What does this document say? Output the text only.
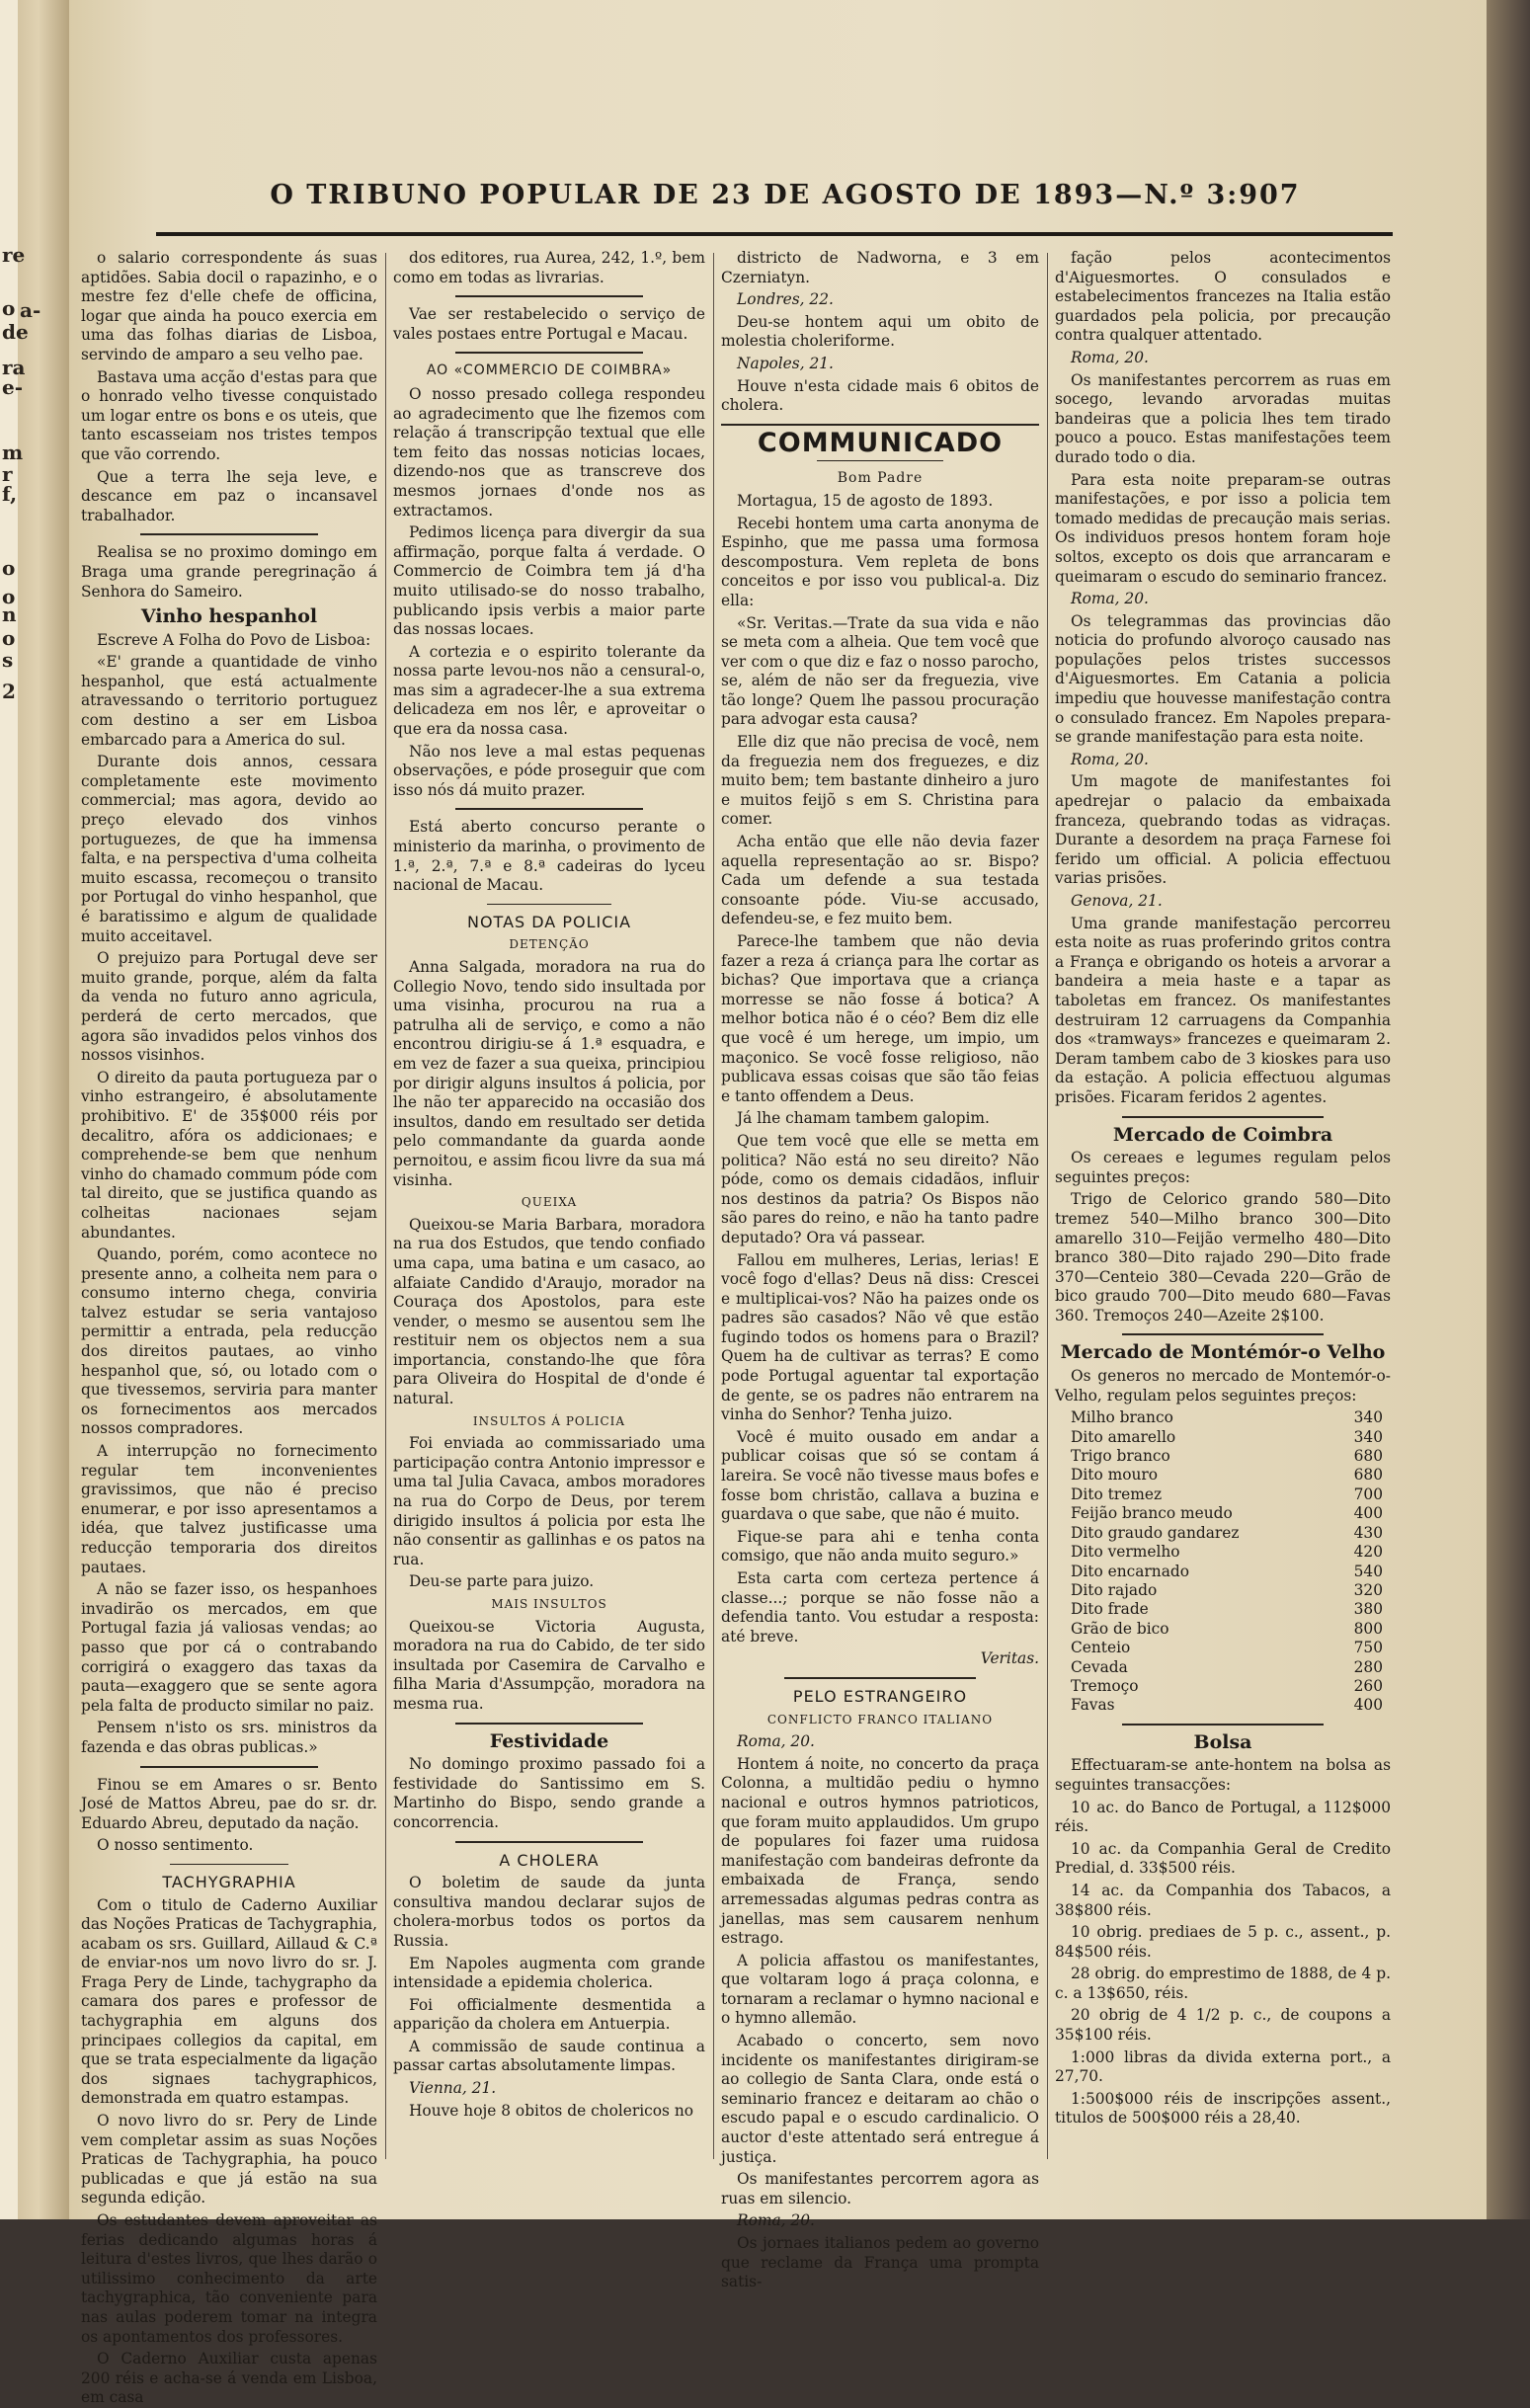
re
o a-
de
ra
e-
m
r
f,
o
o
n
o
s
2
O TRIBUNO POPULAR DE 23 DE AGOSTO DE 1893—N.º 3:907

o salario correspondente ás suas aptidões. Sabia docil o rapazinho, e o mestre fez d'elle chefe de officina, logar que ainda ha pouco exercia em uma das folhas diarias de Lisboa, servindo de amparo a seu velho pae.

Bastava uma acção d'estas para que o honrado velho tivesse conquistado um logar entre os bons e os uteis, que tanto escasseiam nos tristes tempos que vão correndo.

Que a terra lhe seja leve, e descance em paz o incansavel trabalhador.

Realisa se no proximo domingo em Braga uma grande peregrinação á Senhora do Sameiro.

Vinho hespanhol

Escreve A Folha do Povo de Lisboa:

«E' grande a quantidade de vinho hespanhol, que está actualmente atravessando o territorio portuguez com destino a ser em Lisboa embarcado para a America do sul.

Durante dois annos, cessara completamente este movimento commercial; mas agora, devido ao preço elevado dos vinhos portuguezes, de que ha immensa falta, e na perspectiva d'uma colheita muito escassa, recomeçou o transito por Portugal do vinho hespanhol, que é baratissimo e algum de qualidade muito acceitavel.

O prejuizo para Portugal deve ser muito grande, porque, além da falta da venda no futuro anno agricula, perderá de certo mercados, que agora são invadidos pelos vinhos dos nossos visinhos.

O direito da pauta portugueza par o vinho estrangeiro, é absolutamente prohibitivo. E' de 35$000 réis por decalitro, afóra os addicionaes; e comprehende-se bem que nenhum vinho do chamado commum póde com tal direito, que se justifica quando as colheitas nacionaes sejam abundantes.

Quando, porém, como acontece no presente anno, a colheita nem para o consumo interno chega, conviria talvez estudar se seria vantajoso permittir a entrada, pela reducção dos direitos pautaes, ao vinho hespanhol que, só, ou lotado com o que tivessemos, serviria para manter os fornecimentos aos mercados nossos compradores.

A interrupção no fornecimento regular tem inconvenientes gravissimos, que não é preciso enumerar, e por isso apresentamos a idéa, que talvez justificasse uma reducção temporaria dos direitos pautaes.

A não se fazer isso, os hespanhoes invadirão os mercados, em que Portugal fazia já valiosas vendas; ao passo que por cá o contrabando corrigirá o exaggero das taxas da pauta—exaggero que se sente agora pela falta de producto similar no paiz.

Pensem n'isto os srs. ministros da fazenda e das obras publicas.»

Finou se em Amares o sr. Bento José de Mattos Abreu, pae do sr. dr. Eduardo Abreu, deputado da nação.

O nosso sentimento.

TACHYGRAPHIA

Com o titulo de Caderno Auxiliar das Noções Praticas de Tachygraphia, acabam os srs. Guillard, Aillaud & C.ª de enviar-nos um novo livro do sr. J. Fraga Pery de Linde, tachygrapho da camara dos pares e professor de tachygraphia em alguns dos principaes collegios da capital, em que se trata especialmente da ligação dos signaes tachygraphicos, demonstrada em quatro estampas.

O novo livro do sr. Pery de Linde vem completar assim as suas Noções Praticas de Tachygraphia, ha pouco publicadas e que já estão na sua segunda edição.

Os estudantes devem aproveitar as ferias dedicando algumas horas á leitura d'estes livros, que lhes darão o utilissimo conhecimento da arte tachygraphica, tão conveniente para nas aulas poderem tomar na integra os apontamentos dos professores.

O Caderno Auxiliar custa apenas 200 réis e acha-se á venda em Lisboa, em casa

dos editores, rua Aurea, 242, 1.º, bem como em todas as livrarias.

Vae ser restabelecido o serviço de vales postaes entre Portugal e Macau.

AO «COMMERCIO DE COIMBRA»

O nosso presado collega respondeu ao agradecimento que lhe fizemos com relação á transcripção textual que elle tem feito das nossas noticias locaes, dizendo-nos que as transcreve dos mesmos jornaes d'onde nos as extractamos.

Pedimos licença para divergir da sua affirmação, porque falta á verdade. O Commercio de Coimbra tem já d'ha muito utilisado-se do nosso trabalho, publicando ipsis verbis a maior parte das nossas locaes.

A cortezia e o espirito tolerante da nossa parte levou-nos não a censural-o, mas sim a agradecer-lhe a sua extrema delicadeza em nos lêr, e aproveitar o que era da nossa casa.

Não nos leve a mal estas pequenas observações, e póde proseguir que com isso nós dá muito prazer.

Está aberto concurso perante o ministerio da marinha, o provimento de 1.ª, 2.ª, 7.ª e 8.ª cadeiras do lyceu nacional de Macau.

NOTAS DA POLICIA
DETENÇÃO

Anna Salgada, moradora na rua do Collegio Novo, tendo sido insultada por uma visinha, procurou na rua a patrulha ali de serviço, e como a não encontrou dirigiu-se á 1.ª esquadra, e em vez de fazer a sua queixa, principiou por dirigir alguns insultos á policia, por lhe não ter apparecido na occasião dos insultos, dando em resultado ser detida pelo commandante da guarda aonde pernoitou, e assim ficou livre da sua má visinha.

QUEIXA

Queixou-se Maria Barbara, moradora na rua dos Estudos, que tendo confiado uma capa, uma batina e um casaco, ao alfaiate Candido d'Araujo, morador na Couraça dos Apostolos, para este vender, o mesmo se ausentou sem lhe restituir nem os objectos nem a sua importancia, constando-lhe que fôra para Oliveira do Hospital de d'onde é natural.

INSULTOS Á POLICIA

Foi enviada ao commissariado uma participação contra Antonio impressor e uma tal Julia Cavaca, ambos moradores na rua do Corpo de Deus, por terem dirigido insultos á policia por esta lhe não consentir as gallinhas e os patos na rua.

Deu-se parte para juizo.

MAIS INSULTOS

Queixou-se Victoria Augusta, moradora na rua do Cabido, de ter sido insultada por Casemira de Carvalho e filha Maria d'Assumpção, moradora na mesma rua.

Festividade

No domingo proximo passado foi a festividade do Santissimo em S. Martinho do Bispo, sendo grande a concorrencia.

A CHOLERA

O boletim de saude da junta consultiva mandou declarar sujos de cholera-morbus todos os portos da Russia.

Em Napoles augmenta com grande intensidade a epidemia cholerica.

Foi officialmente desmentida a apparição da cholera em Antuerpia.

A commissão de saude continua a passar cartas absolutamente limpas.

Vienna, 21.

Houve hoje 8 obitos de cholericos no

districto de Nadworna, e 3 em Czerniatyn.

Londres, 22.

Deu-se hontem aqui um obito de molestia choleriforme.

Napoles, 21.

Houve n'esta cidade mais 6 obitos de cholera.

COMMUNICADO
Bom Padre

Mortagua, 15 de agosto de 1893.

Recebi hontem uma carta anonyma de Espinho, que me passa uma formosa descompostura. Vem repleta de bons conceitos e por isso vou publical-a. Diz ella:

«Sr. Veritas.—Trate da sua vida e não se meta com a alheia. Que tem você que ver com o que diz e faz o nosso parocho, se, além de não ser da freguezia, vive tão longe? Quem lhe passou procuração para advogar esta causa?

Elle diz que não precisa de você, nem da freguezia nem dos freguezes, e diz muito bem; tem bastante dinheiro a juro e muitos feijõ s em S. Christina para comer.

Acha então que elle não devia fazer aquella representação ao sr. Bispo? Cada um defende a sua testada consoante póde. Viu-se accusado, defendeu-se, e fez muito bem.

Parece-lhe tambem que não devia fazer a reza á criança para lhe cortar as bichas? Que importava que a criança morresse se não fosse á botica? A melhor botica não é o céo? Bem diz elle que você é um herege, um impio, um maçonico. Se você fosse religioso, não publicava essas coisas que são tão feias e tanto offendem a Deus.

Já lhe chamam tambem galopim.

Que tem você que elle se metta em politica? Não está no seu direito? Não póde, como os demais cidadãos, influir nos destinos da patria? Os Bispos não são pares do reino, e não ha tanto padre deputado? Ora vá passear.

Fallou em mulheres, Lerias, lerias! E você fogo d'ellas? Deus nã diss: Crescei e multiplicai-vos? Não ha paizes onde os padres são casados? Não vê que estão fugindo todos os homens para o Brazil? Quem ha de cultivar as terras? E como pode Portugal aguentar tal exportação de gente, se os padres não entrarem na vinha do Senhor? Tenha juizo.

Você é muito ousado em andar a publicar coisas que só se contam á lareira. Se você não tivesse maus bofes e fosse bom christão, callava a buzina e guardava o que sabe, que não é muito.

Fique-se para ahi e tenha conta comsigo, que não anda muito seguro.»

Esta carta com certeza pertence á classe...; porque se não fosse não a defendia tanto. Vou estudar a resposta: até breve.

Veritas.

PELO ESTRANGEIRO
CONFLICTO FRANCO ITALIANO

Roma, 20.

Hontem á noite, no concerto da praça Colonna, a multidão pediu o hymno nacional e outros hymnos patrioticos, que foram muito applaudidos. Um grupo de populares foi fazer uma ruidosa manifestação com bandeiras defronte da embaixada de França, sendo arremessadas algumas pedras contra as janellas, mas sem causarem nenhum estrago.

A policia affastou os manifestantes, que voltaram logo á praça colonna, e tornaram a reclamar o hymno nacional e o hymno allemão.

Acabado o concerto, sem novo incidente os manifestantes dirigiram-se ao collegio de Santa Clara, onde está o seminario francez e deitaram ao chão o escudo papal e o escudo cardinalicio. O auctor d'este attentado será entregue á justiça.

Os manifestantes percorrem agora as ruas em silencio.

Roma, 20.

Os jornaes italianos pedem ao governo que reclame da França uma prompta satis-

fação pelos acontecimentos d'Aiguesmortes. O consulados e estabelecimentos francezes na Italia estão guardados pela policia, por precaução contra qualquer attentado.

Roma, 20.

Os manifestantes percorrem as ruas em socego, levando arvoradas muitas bandeiras que a policia lhes tem tirado pouco a pouco. Estas manifestações teem durado todo o dia.

Para esta noite preparam-se outras manifestações, e por isso a policia tem tomado medidas de precaução mais serias. Os individuos presos hontem foram hoje soltos, excepto os dois que arrancaram e queimaram o escudo do seminario francez.

Roma, 20.

Os telegrammas das provincias dão noticia do profundo alvoroço causado nas populações pelos tristes successos d'Aiguesmortes. Em Catania a policia impediu que houvesse manifestação contra o consulado francez. Em Napoles prepara-se grande manifestação para esta noite.

Roma, 20.

Um magote de manifestantes foi apedrejar o palacio da embaixada franceza, quebrando todas as vidraças. Durante a desordem na praça Farnese foi ferido um official. A policia effectuou varias prisões.

Genova, 21.

Uma grande manifestação percorreu esta noite as ruas proferindo gritos contra a França e obrigando os hoteis a arvorar a bandeira a meia haste e a tapar as taboletas em francez. Os manifestantes destruiram 12 carruagens da Companhia dos «tramways» francezes e queimaram 2. Deram tambem cabo de 3 kioskes para uso da estação. A policia effectuou algumas prisões. Ficaram feridos 2 agentes.

Mercado de Coimbra

Os cereaes e legumes regulam pelos seguintes preços:

Trigo de Celorico grando 580—Dito tremez 540—Milho branco 300—Dito amarello 310—Feijão vermelho 480—Dito branco 380—Dito rajado 290—Dito frade 370—Centeio 380—Cevada 220—Grão de bico graudo 700—Dito meudo 680—Favas 360. Tremoços 240—Azeite 2$100.

Mercado de Montémór-o Velho

Os generos no mercado de Montemór-o-Velho, regulam pelos seguintes preços:

Milho branco	340
Dito amarello	340
Trigo branco	680
Dito mouro	680
Dito tremez	700
Feijão branco meudo	400
Dito graudo gandarez	430
Dito vermelho	420
Dito encarnado	540
Dito rajado	320
Dito frade	380
Grão de bico	800
Centeio	750
Cevada	280
Tremoço	260
Favas	400
Bolsa

Effectuaram-se ante-hontem na bolsa as seguintes transacções:

10 ac. do Banco de Portugal, a 112$000 réis.

10 ac. da Companhia Geral de Credito Predial, d. 33$500 réis.

14 ac. da Companhia dos Tabacos, a 38$800 réis.

10 obrig. prediaes de 5 p. c., assent., p. 84$500 réis.

28 obrig. do emprestimo de 1888, de 4 p. c. a 13$650, réis.

20 obrig de 4 1/2 p. c., de coupons a 35$100 réis.

1:000 libras da divida externa port., a 27,70.

1:500$000 réis de inscripções assent., titulos de 500$000 réis a 28,40.
